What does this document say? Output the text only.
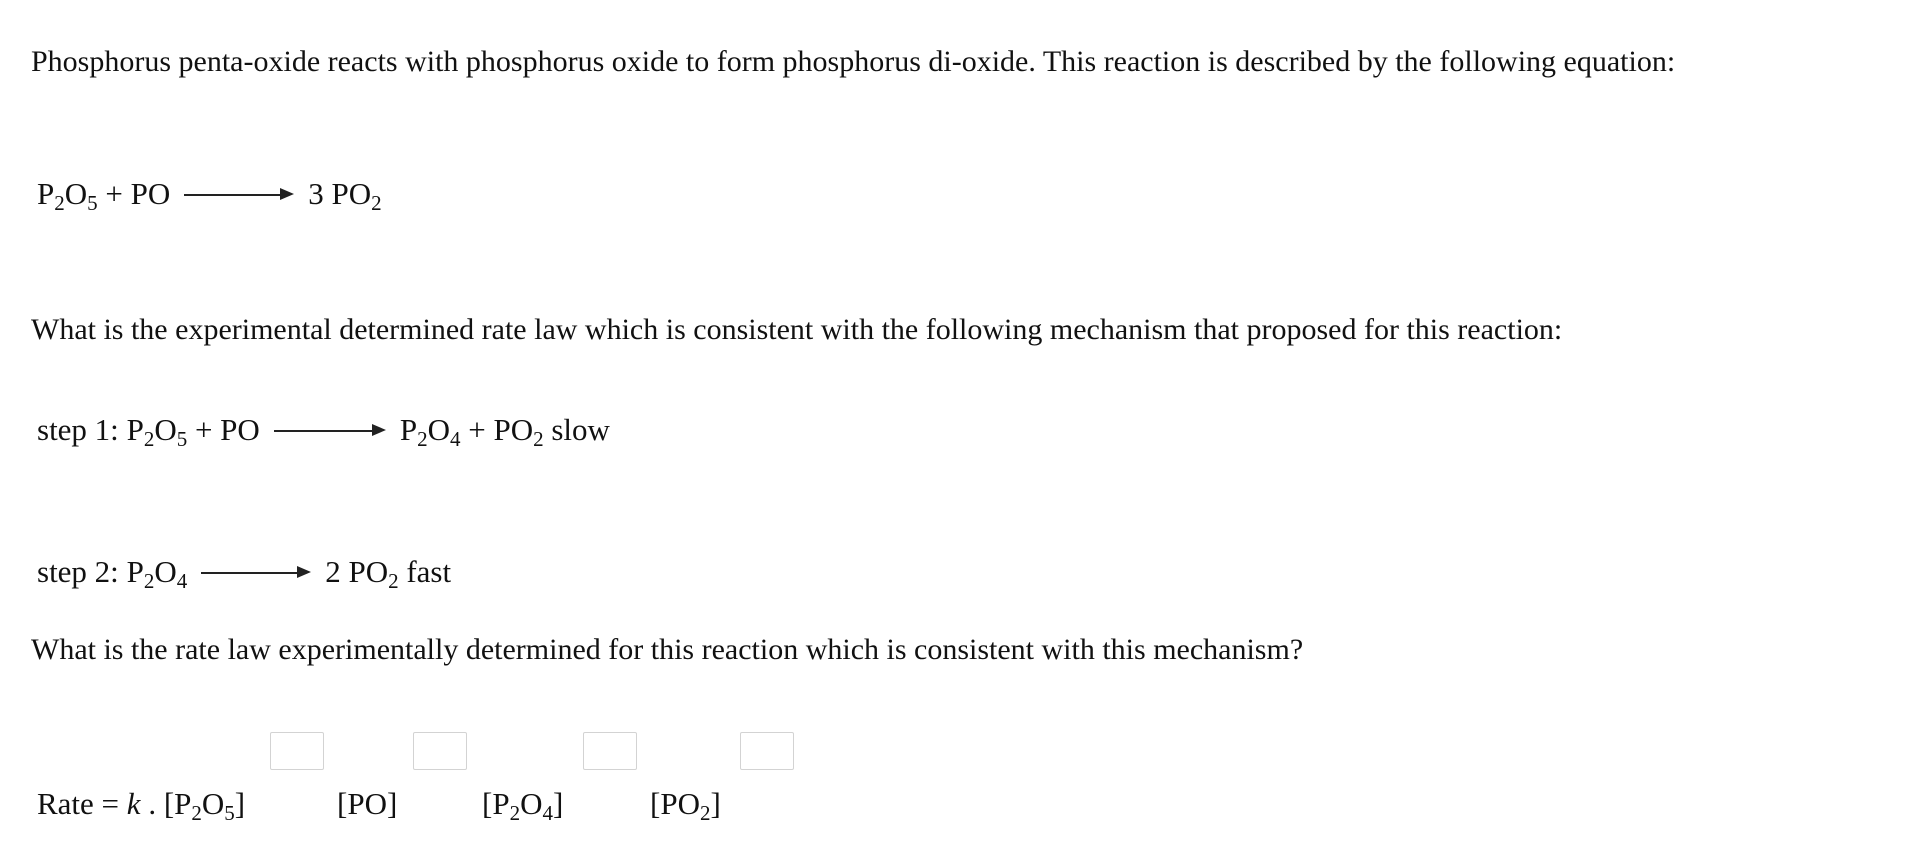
Phosphorus penta-oxide reacts with phosphorus oxide to form phosphorus di-oxide. This reaction is described by the following equation:
$P_2O_5$ + PO	3 $PO_2$
What is the experimental determined rate law which is consistent with the following mechanism that proposed for this reaction:
step 1: $P_2O_5$ + PO	$P_2O_4 + PO_2$ slow
step 2: $P_2O_4$	2 $PO_2$ fast
What is the rate law experimentally determined for this reaction which is consistent with this mechanism?
Rate = k . $[P_2O_5]$	[PO]	$[P_2O_4]$	$[PO_2]$
